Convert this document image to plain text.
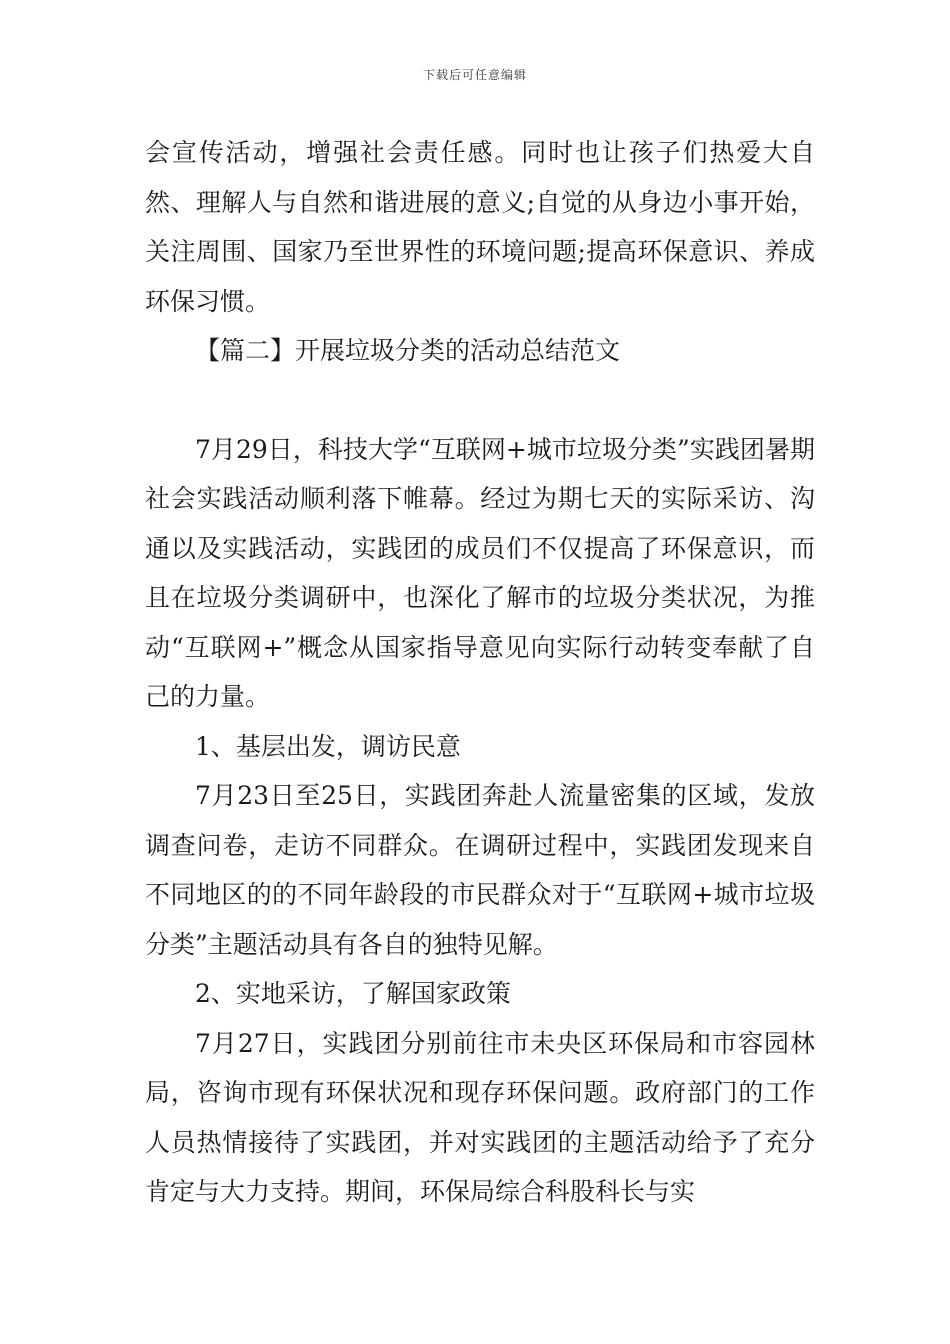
下载后可任意编辑

会宣传活动，增强社会责任感。同时也让孩子们热爱大自然、理解人与自然和谐进展的意义;自觉的从身边小事开始，关注周围、国家乃至世界性的环境问题;提高环保意识、养成环保习惯。

【篇二】开展垃圾分类的活动总结范文

7月29日，科技大学“互联网+城市垃圾分类”实践团暑期社会实践活动顺利落下帷幕。经过为期七天的实际采访、沟通以及实践活动，实践团的成员们不仅提高了环保意识，而且在垃圾分类调研中，也深化了解市的垃圾分类状况，为推动“互联网+”概念从国家指导意见向实际行动转变奉献了自己的力量。

1、基层出发，调访民意

7月23日至25日，实践团奔赴人流量密集的区域，发放调查问卷，走访不同群众。在调研过程中，实践团发现来自不同地区的的不同年龄段的市民群众对于“互联网+城市垃圾分类”主题活动具有各自的独特见解。

2、实地采访，了解国家政策

7月27日，实践团分别前往市未央区环保局和市容园林局，咨询市现有环保状况和现存环保问题。政府部门的工作人员热情接待了实践团，并对实践团的主题活动给予了充分肯定与大力支持。期间，环保局综合科股科长与实
